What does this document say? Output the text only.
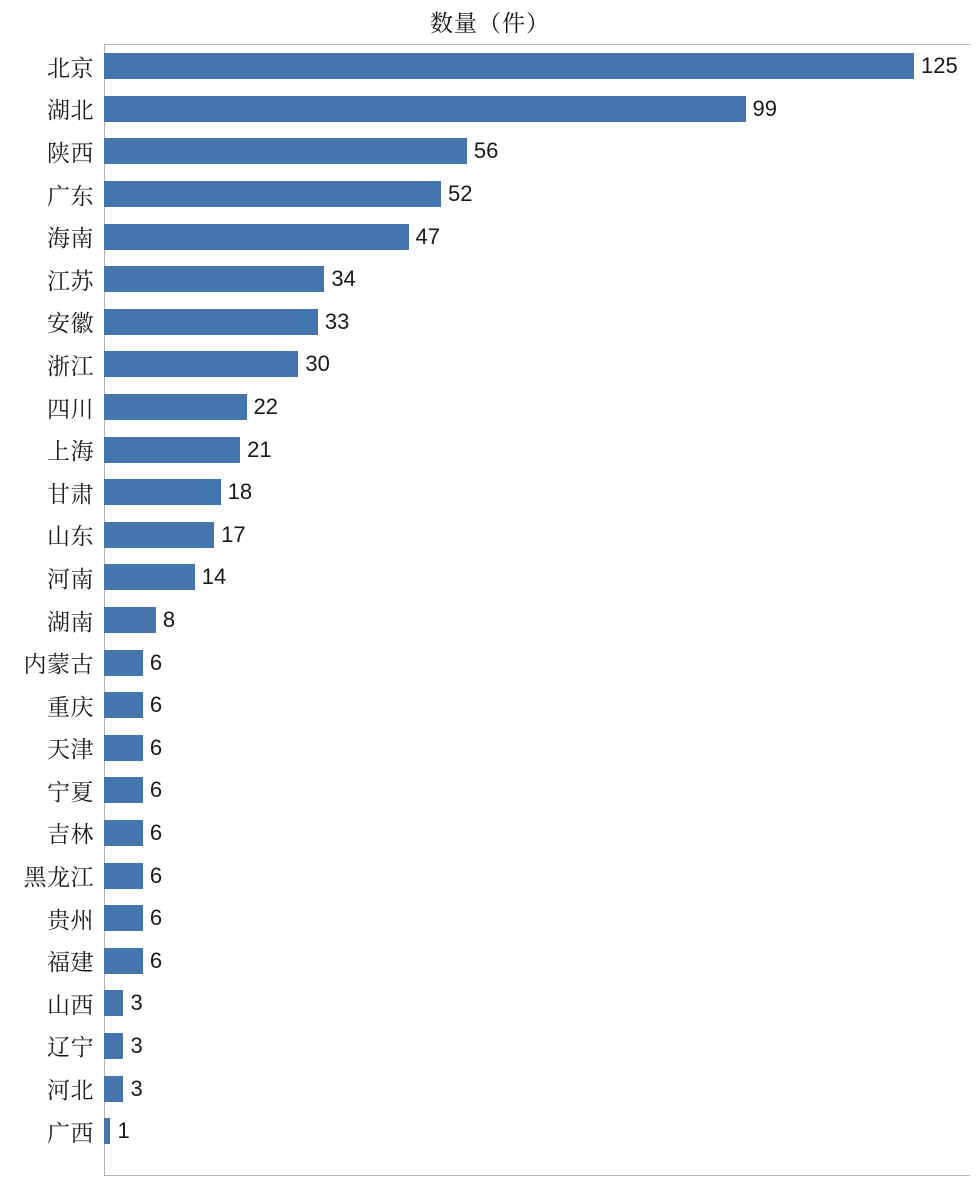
数量（件）
北京	125
湖北	99
陕西	56
广东	52
海南	47
江苏	34
安徽	33
浙江	30
四川	22
上海	21
甘肃	18
山东	17
河南	14
湖南	8
内蒙古	6
重庆	6
天津	6
宁夏	6
吉林	6
黑龙江	6
贵州	6
福建	6
山西	3
辽宁	3
河北	3
广西	1
